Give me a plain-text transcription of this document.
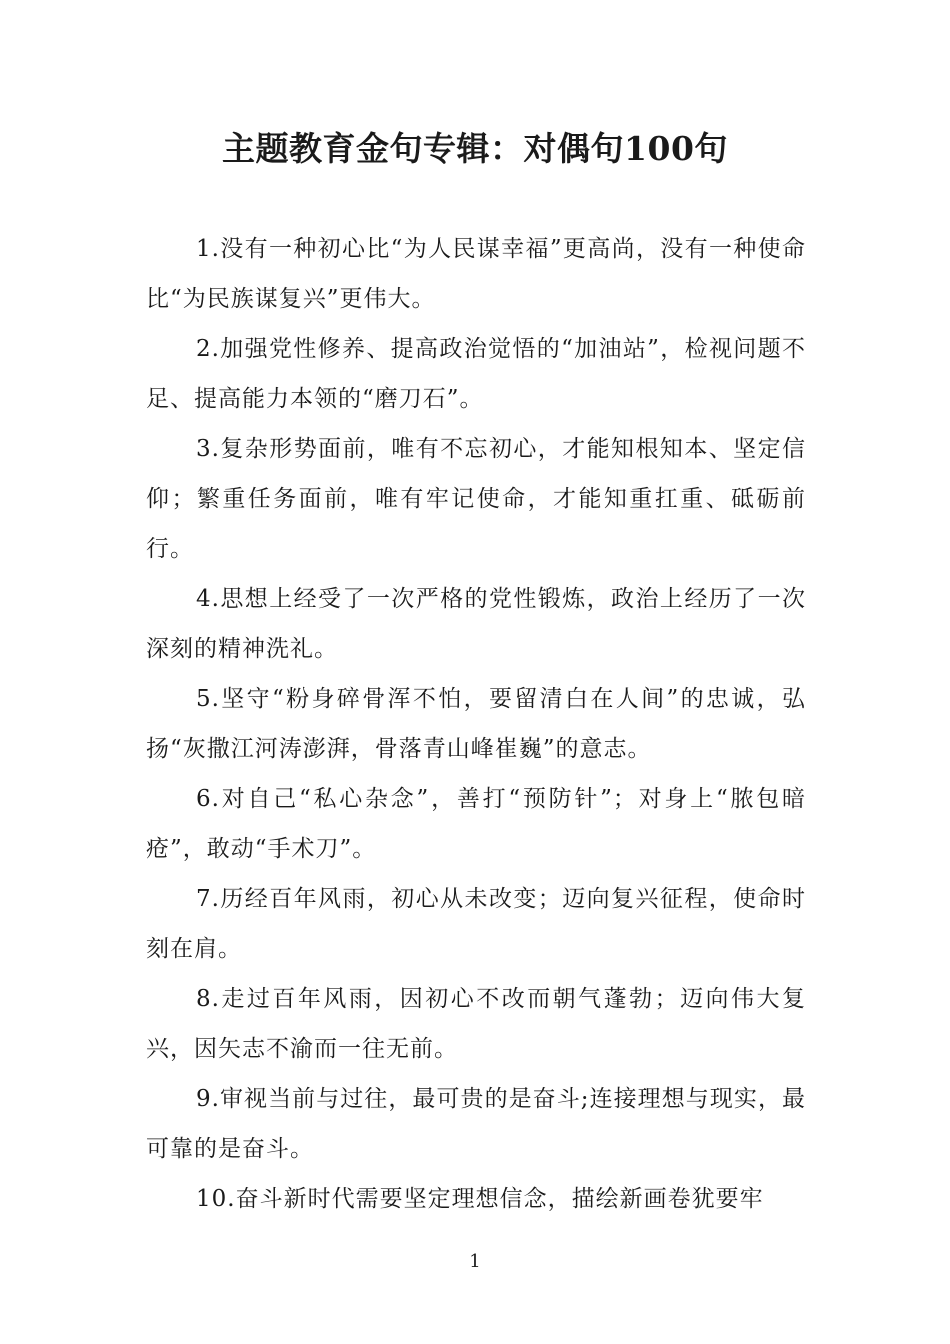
主题教育金句专辑：对偶句100句

1.没有一种初心比“为人民谋幸福”更高尚，没有一种使命比“为民族谋复兴”更伟大。

2.加强党性修养、提高政治觉悟的“加油站”，检视问题不足、提高能力本领的“磨刀石”。

3.复杂形势面前，唯有不忘初心，才能知根知本、坚定信仰；繁重任务面前，唯有牢记使命，才能知重扛重、砥砺前行。

4.思想上经受了一次严格的党性锻炼，政治上经历了一次深刻的精神洗礼。

5.坚守“粉身碎骨浑不怕，要留清白在人间”的忠诚，弘扬“灰撒江河涛澎湃，骨落青山峰崔巍”的意志。

6.对自己“私心杂念”，善打“预防针”；对身上“脓包暗疮”，敢动“手术刀”。

7.历经百年风雨，初心从未改变；迈向复兴征程，使命时刻在肩。

8.走过百年风雨，因初心不改而朝气蓬勃；迈向伟大复兴，因矢志不渝而一往无前。

9.审视当前与过往，最可贵的是奋斗;连接理想与现实，最可靠的是奋斗。

10.奋斗新时代需要坚定理想信念，描绘新画卷犹要牢

1
